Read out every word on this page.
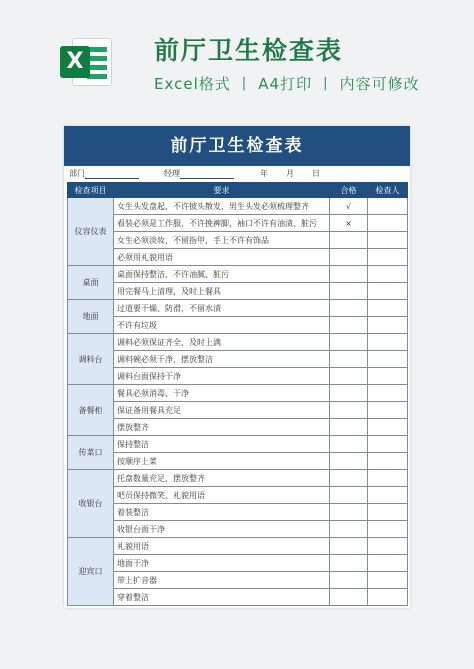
X	前厅卫生检查表
Excel格式 丨 A4打印 丨 内容可修改
前厅卫生检查表
部门	经理	年 月 日
检查项目	要求	合格	检查人
仪容仪表	女生头发盘起，不许披头散发，男生头发必须梳理整齐	√	
	看装必须是工作服，不许挽裤脚，袖口不许有油渍、脏污	×	
	女生必须淡妆，不留指甲，手上不许有饰品		
	必须用礼貌用语		
桌面	桌面保持整洁，不许油腻、脏污		
	用完餐马上清理，及时上餐具		
地面	过道要干燥、防滑，不留水渍		
	不许有垃圾		
调料台	调料必须保证齐全，及时上满		
	调料碗必须干净，摆放整洁		
	调料台面保持干净		
备餐柜	餐具必须消毒、干净		
	保证备用餐具充足		
	摆放整齐		
传菜口	保持整洁		
	按顺序上菜		
收银台	托盘数量充足，摆放整齐		
	吧员保持微笑、礼貌用语		
	着装整洁		
	收银台面干净		
迎宾口	礼貌用语		
	地面干净		
	带上扩音器		
	穿着整洁		
